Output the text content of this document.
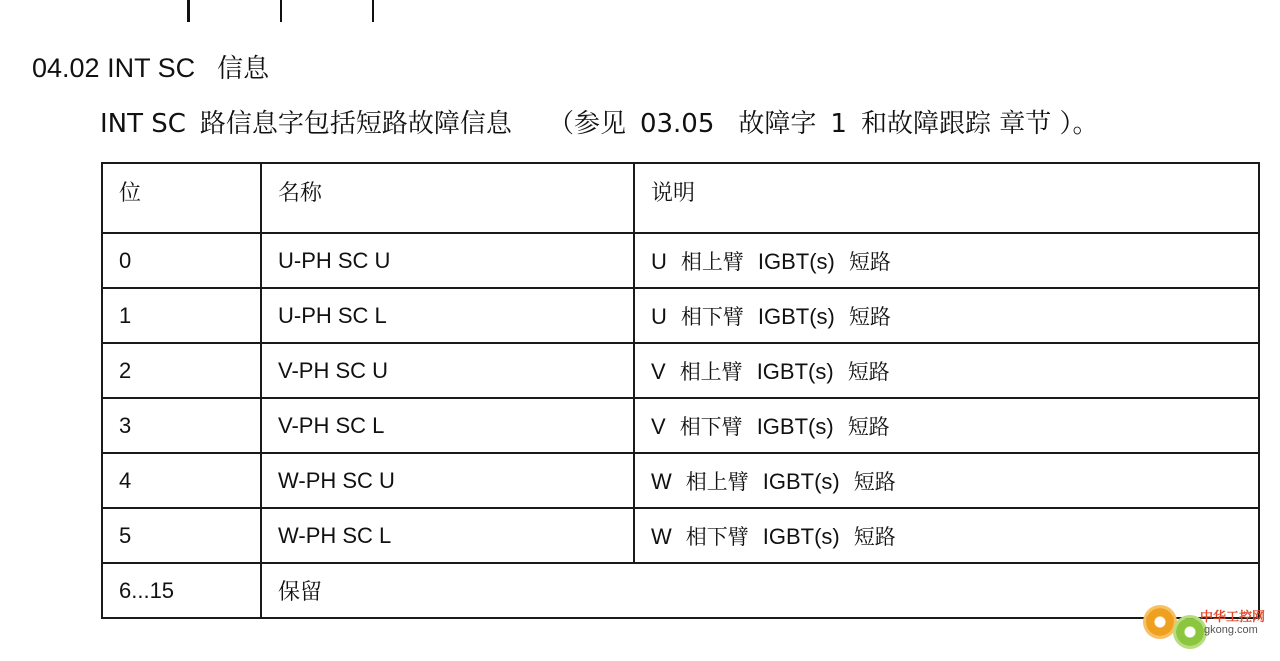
04.02 INT SC 信息
INT SC 路信息字包括短路故障信息 （参见 03.05 故障字 1 和故障跟踪 章节 ）。
位	名称	说明
0	U-PH SC U	U 相上臂 IGBT(s) 短路
1	U-PH SC L	U 相下臂 IGBT(s) 短路
2	V-PH SC U	V 相上臂 IGBT(s) 短路
3	V-PH SC L	V 相下臂 IGBT(s) 短路
4	W-PH SC U	W 相上臂 IGBT(s) 短路
5	W-PH SC L	W 相下臂 IGBT(s) 短路
6...15	保留	
中华工控网
gkong.com
